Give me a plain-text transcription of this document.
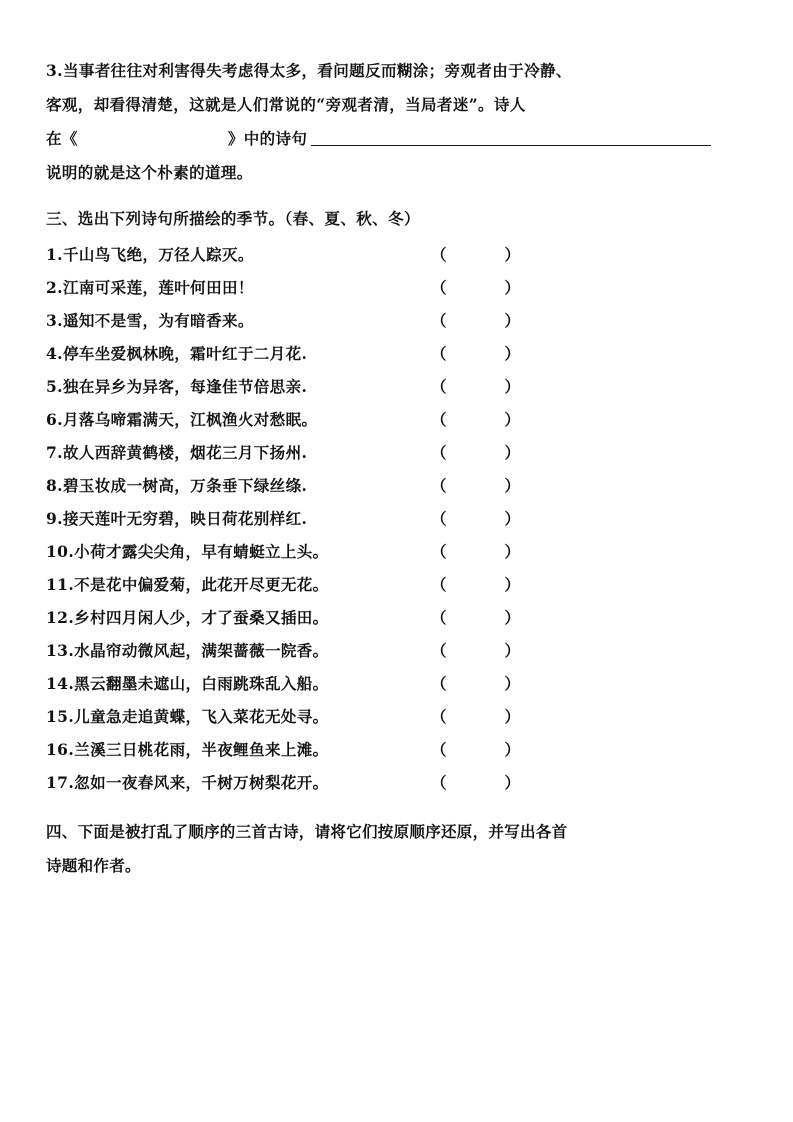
3.当事者往往对利害得失考虑得太多，看问题反而糊涂；旁观者由于冷静、
客观，却看得清楚，这就是人们常说的“旁观者清，当局者迷”。诗人
在《	》中的诗句
说明的就是这个朴素的道理。
三、选出下列诗句所描绘的季节。（春、夏、秋、冬）
1.千山鸟飞绝，万径人踪灭。	（	）
2.江南可采莲，莲叶何田田！	（	）
3.遥知不是雪，为有暗香来。	（	）
4.停车坐爱枫林晚，霜叶红于二月花.	（	）
5.独在异乡为异客，每逢佳节倍思亲.	（	）
6.月落乌啼霜满天，江枫渔火对愁眠。	（	）
7.故人西辞黄鹤楼，烟花三月下扬州.	（	）
8.碧玉妆成一树高，万条垂下绿丝绦.	（	）
9.接天莲叶无穷碧，映日荷花别样红.	（	）
10.小荷才露尖尖角，早有蜻蜓立上头。	（	）
11.不是花中偏爱菊，此花开尽更无花。	（	）
12.乡村四月闲人少，才了蚕桑又插田。	（	）
13.水晶帘动微风起，满架蔷薇一院香。	（	）
14.黑云翻墨未遮山，白雨跳珠乱入船。	（	）
15.儿童急走追黄蝶，飞入菜花无处寻。	（	）
16.兰溪三日桃花雨，半夜鲤鱼来上滩。	（	）
17.忽如一夜春风来，千树万树梨花开。	（	）
四、下面是被打乱了顺序的三首古诗，请将它们按原顺序还原，并写出各首
诗题和作者。
